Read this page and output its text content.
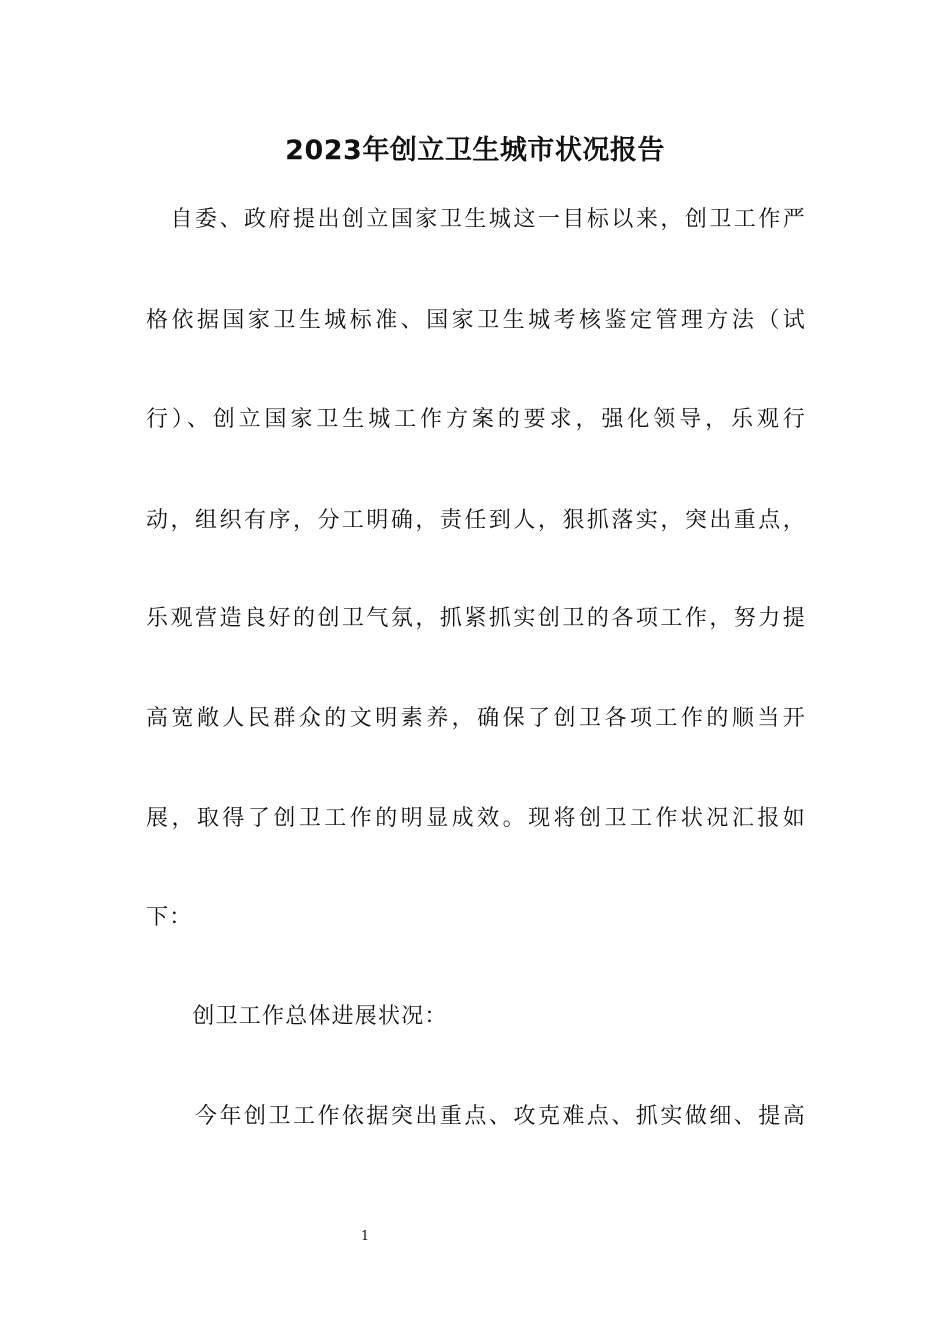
2023年创立卫生城市状况报告
　自委、政府提出创立国家卫生城这一目标以来，创卫工作严
格依据国家卫生城标准、国家卫生城考核鉴定管理方法（试
行）、创立国家卫生城工作方案的要求，强化领导，乐观行
动，组织有序，分工明确，责任到人，狠抓落实，突出重点，
乐观营造良好的创卫气氛，抓紧抓实创卫的各项工作，努力提
高宽敞人民群众的文明素养，确保了创卫各项工作的顺当开
展，取得了创卫工作的明显成效。现将创卫工作状况汇报如
下：
　　创卫工作总体进展状况：
　　今年创卫工作依据突出重点、攻克难点、抓实做细、提高
1
